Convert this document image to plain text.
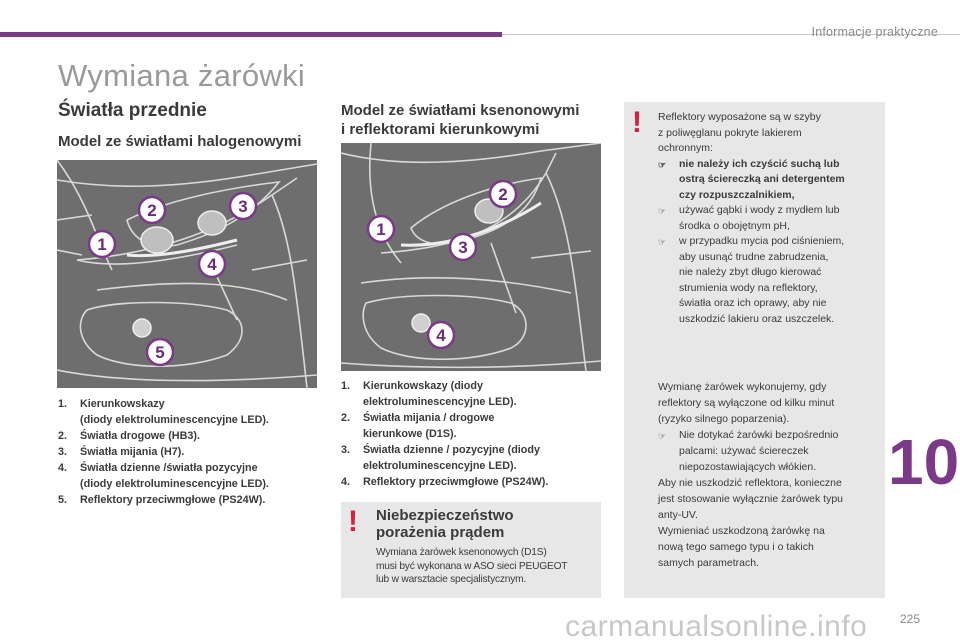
Informacje praktyczne
Wymiana żarówki
Światła przednie
Model ze światłami halogenowymi
Model ze światłami ksenonowymi
i reflektorami kierunkowymi
1
2	3
4
5
1
2
3
4
1.	Kierunkowskazy
(diody elektroluminescencyjne LED).
2.	Światła drogowe (HB3).
3.	Światła mijania (H7).
4.	Światła dzienne /światła pozycyjne
(diody elektroluminescencyjne LED).
5.	Reflektory przeciwmgłowe (PS24W).
1.	Kierunkowskazy (diody
elektroluminescencyjne LED).
2.	Światła mijania / drogowe
kierunkowe (D1S).
3.	Światła dzienne / pozycyjne (diody
elektroluminescencyjne LED).
4.	Reflektory przeciwmgłowe (PS24W).
! Niebezpieczeństwo
porażenia prądem
Wymiana żarówek ksenonowych (D1S)
musi być wykonana w ASO sieci PEUGEOT
lub w warsztacie specjalistycznym.
! Reflektory wyposażone są w szyby
z poliwęglanu pokryte lakierem
ochronnym:
☞	nie należy ich czyścić suchą lub
ostrą ściereczką ani detergentem
czy rozpuszczalnikiem,
☞	używać gąbki i wody z mydłem lub
środka o obojętnym pH,
☞	w przypadku mycia pod ciśnieniem,
aby usunąć trudne zabrudzenia,
nie należy zbyt długo kierować
strumienia wody na reflektory,
światła oraz ich oprawy, aby nie
uszkodzić lakieru oraz uszczelek.
Wymianę żarówek wykonujemy, gdy
reflektory są wyłączone od kilku minut
(ryzyko silnego poparzenia).
☞	Nie dotykać żarówki bezpośrednio
palcami: używać ściereczek
niepozostawiających włókien.
Aby nie uszkodzić reflektora, konieczne
jest stosowanie wyłącznie żarówek typu
anty-UV.
Wymieniać uszkodzoną żarówkę na
nową tego samego typu i o takich
samych parametrach.
10
carmanualsonline.info	225
